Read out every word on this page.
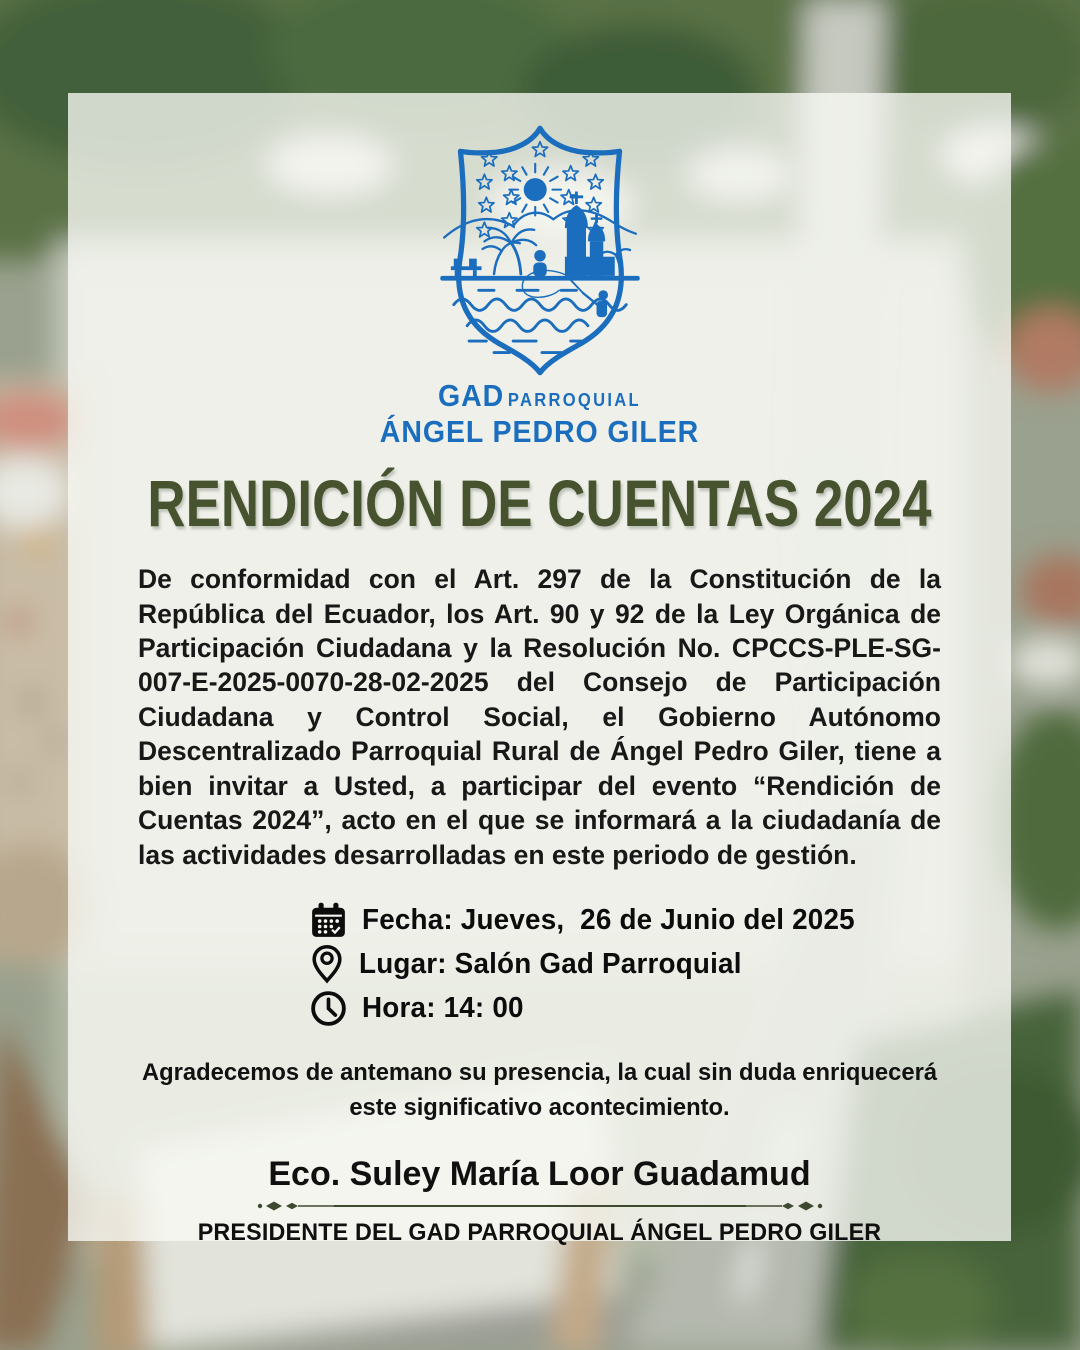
GAD PARROQUIAL
ÁNGEL PEDRO GILER
RENDICIÓN DE CUENTAS 2024

De conformidad con el Art. 297 de la Constitución de la República del Ecuador, los Art. 90 y 92 de la Ley Orgánica de Participación Ciudadana y la Resolución No. CPCCS-PLE-SG-007-E-2025-0070-28-02-2025 del Consejo de Participación Ciudadana y Control Social, el Gobierno Autónomo Descentralizado Parroquial Rural de Ángel Pedro Giler, tiene a bien invitar a Usted, a participar del evento “Rendición de Cuentas 2024”, acto en el que se informará a la ciudadanía de las actividades desarrolladas en este periodo de gestión.

Fecha: Jueves,  26 de Junio del 2025
Lugar: Salón Gad Parroquial
Hora: 14: 00
Agradecemos de antemano su presencia, la cual sin duda enriquecerá este significativo acontecimiento.
Eco. Suley María Loor Guadamud
PRESIDENTE DEL GAD PARROQUIAL ÁNGEL PEDRO GILER
